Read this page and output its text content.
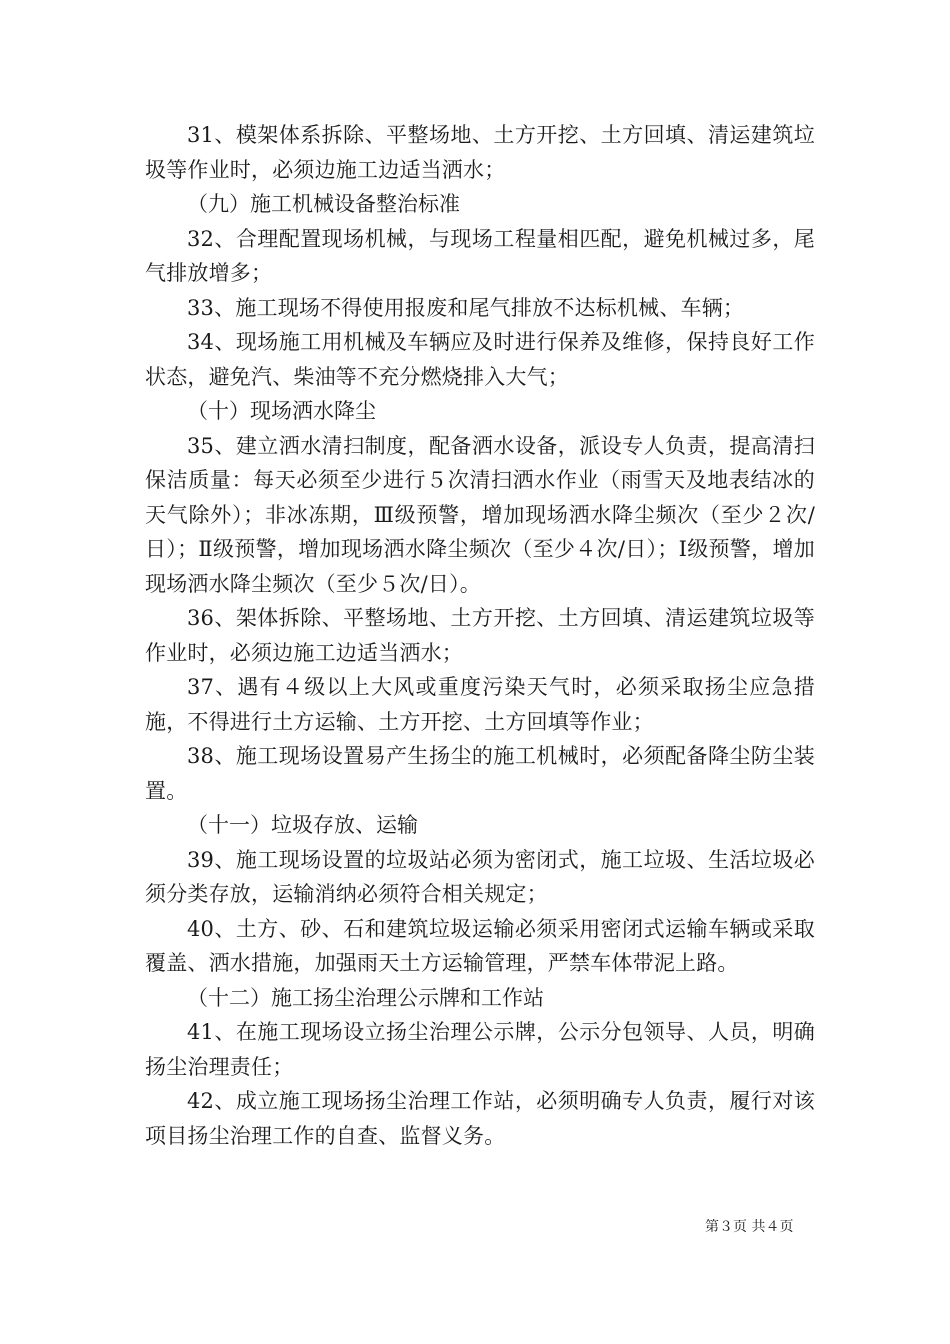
31、模架体系拆除、平整场地、土方开挖、土方回填、清运建筑垃圾等作业时，必须边施工边适当洒水；

（九）施工机械设备整治标准

32、合理配置现场机械，与现场工程量相匹配，避免机械过多，尾气排放增多；

33、施工现场不得使用报废和尾气排放不达标机械、车辆；

34、现场施工用机械及车辆应及时进行保养及维修，保持良好工作状态，避免汽、柴油等不充分燃烧排入大气；

（十）现场洒水降尘

35、建立洒水清扫制度，配备洒水设备，派设专人负责，提高清扫保洁质量：每天必须至少进行５次清扫洒水作业（雨雪天及地表结冰的天气除外）；非冰冻期，Ⅲ级预警，增加现场洒水降尘频次（至少２次/日）；Ⅱ级预警，增加现场洒水降尘频次（至少４次/日）；Ⅰ级预警，增加现场洒水降尘频次（至少５次/日）。

36、架体拆除、平整场地、土方开挖、土方回填、清运建筑垃圾等作业时，必须边施工边适当洒水；

37、遇有４级以上大风或重度污染天气时，必须采取扬尘应急措施，不得进行土方运输、土方开挖、土方回填等作业；

38、施工现场设置易产生扬尘的施工机械时，必须配备降尘防尘装置。

（十一）垃圾存放、运输

39、施工现场设置的垃圾站必须为密闭式，施工垃圾、生活垃圾必须分类存放，运输消纳必须符合相关规定；

40、土方、砂、石和建筑垃圾运输必须采用密闭式运输车辆或采取覆盖、洒水措施，加强雨天土方运输管理，严禁车体带泥上路。

（十二）施工扬尘治理公示牌和工作站

41、在施工现场设立扬尘治理公示牌，公示分包领导、人员，明确扬尘治理责任；

42、成立施工现场扬尘治理工作站，必须明确专人负责，履行对该项目扬尘治理工作的自查、监督义务。

第３页 共４页
